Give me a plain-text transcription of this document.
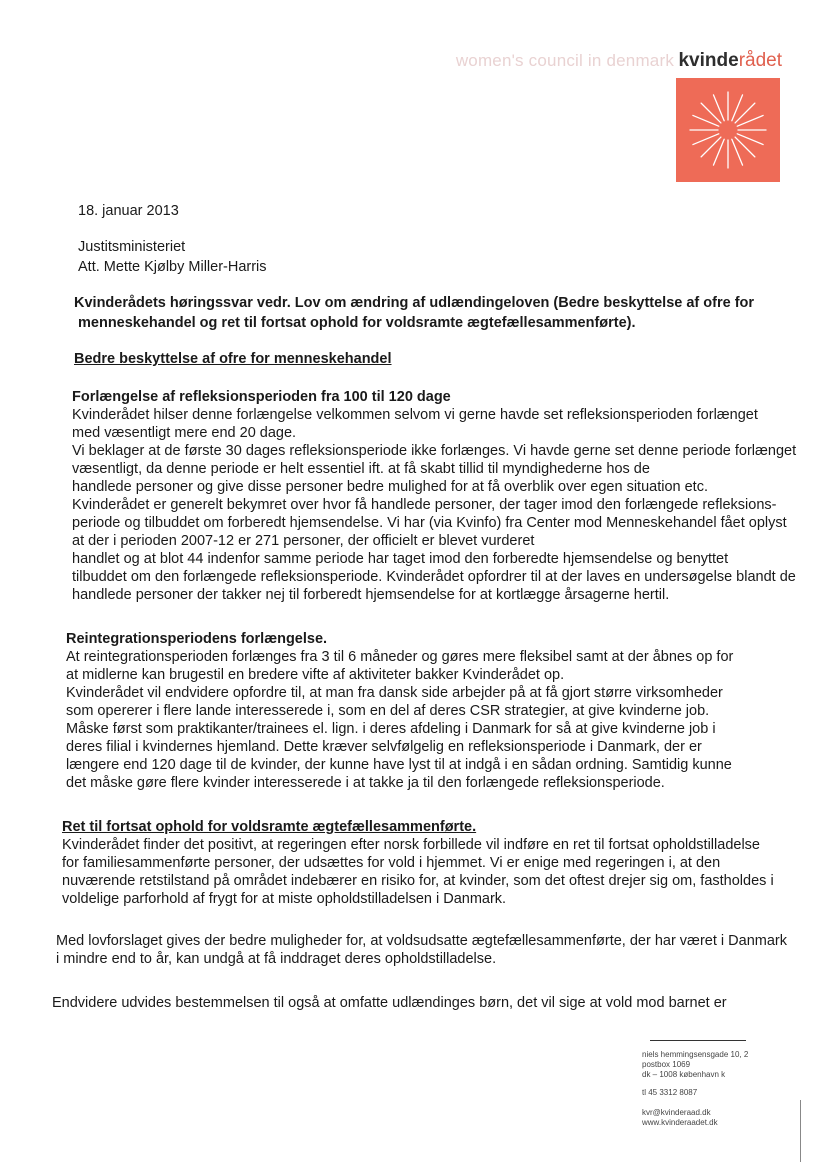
women's council in denmark kvinderådet
18. januar 2013
Justitsministeriet
Att. Mette Kjølby Miller-Harris
Kvinderådets høringssvar vedr. Lov om ændring af udlændingeloven (Bedre beskyttelse af ofre for
menneskehandel og ret til fortsat ophold for voldsramte ægtefællesammenførte).
Bedre beskyttelse af ofre for menneskehandel
Forlængelse af refleksionsperioden fra 100 til 120 dage
Kvinderådet hilser denne forlængelse velkommen selvom vi gerne havde set refleksionsperioden forlænget
med væsentligt mere end 20 dage.
Vi beklager at de første 30 dages refleksionsperiode ikke forlænges. Vi havde gerne set denne periode forlænget
væsentligt, da denne periode er helt essentiel ift. at få skabt tillid til myndighederne hos de
handlede personer og give disse personer bedre mulighed for at få overblik over egen situation etc.
Kvinderådet er generelt bekymret over hvor få handlede personer, der tager imod den forlængede refleksions-
periode og tilbuddet om forberedt hjemsendelse. Vi har (via Kvinfo) fra Center mod Menneskehandel fået oplyst
at der i perioden 2007-12 er 271 personer, der officielt er blevet vurderet
handlet og at blot 44 indenfor samme periode har taget imod den forberedte hjemsendelse og benyttet
tilbuddet om den forlængede refleksionsperiode. Kvinderådet opfordrer til at der laves en undersøgelse blandt de
handlede personer der takker nej til forberedt hjemsendelse for at kortlægge årsagerne hertil.
Reintegrationsperiodens forlængelse.
At reintegrationsperioden forlænges fra 3 til 6 måneder og gøres mere fleksibel samt at der åbnes op for
at midlerne kan brugestil en bredere vifte af aktiviteter bakker Kvinderådet op.
Kvinderådet vil endvidere opfordre til, at man fra dansk side arbejder på at få gjort større virksomheder
som opererer i flere lande interesserede i, som en del af deres CSR strategier, at give kvinderne job.
Måske først som praktikanter/trainees el. lign. i deres afdeling i Danmark for så at give kvinderne job i
deres filial i kvindernes hjemland. Dette kræver selvfølgelig en refleksionsperiode i Danmark, der er
længere end 120 dage til de kvinder, der kunne have lyst til at indgå i en sådan ordning. Samtidig kunne
det måske gøre flere kvinder interesserede i at takke ja til den forlængede refleksionsperiode.
Ret til fortsat ophold for voldsramte ægtefællesammenførte.
Kvinderådet finder det positivt, at regeringen efter norsk forbillede vil indføre en ret til fortsat opholdstilladelse
for familiesammenførte personer, der udsættes for vold i hjemmet. Vi er enige med regeringen i, at den
nuværende retstilstand på området indebærer en risiko for, at kvinder, som det oftest drejer sig om, fastholdes i
voldelige parforhold af frygt for at miste opholdstilladelsen i Danmark.
Med lovforslaget gives der bedre muligheder for, at voldsudsatte ægtefællesammenførte, der har været i Danmark
i mindre end to år, kan undgå at få inddraget deres opholdstilladelse.
Endvidere udvides bestemmelsen til også at omfatte udlændinges børn, det vil sige at vold mod barnet er
niels hemmingsensgade 10, 2
postbox 1069
dk – 1008 københavn k
tl 45 3312 8087
kvr@kvinderaad.dk
www.kvinderaadet.dk
